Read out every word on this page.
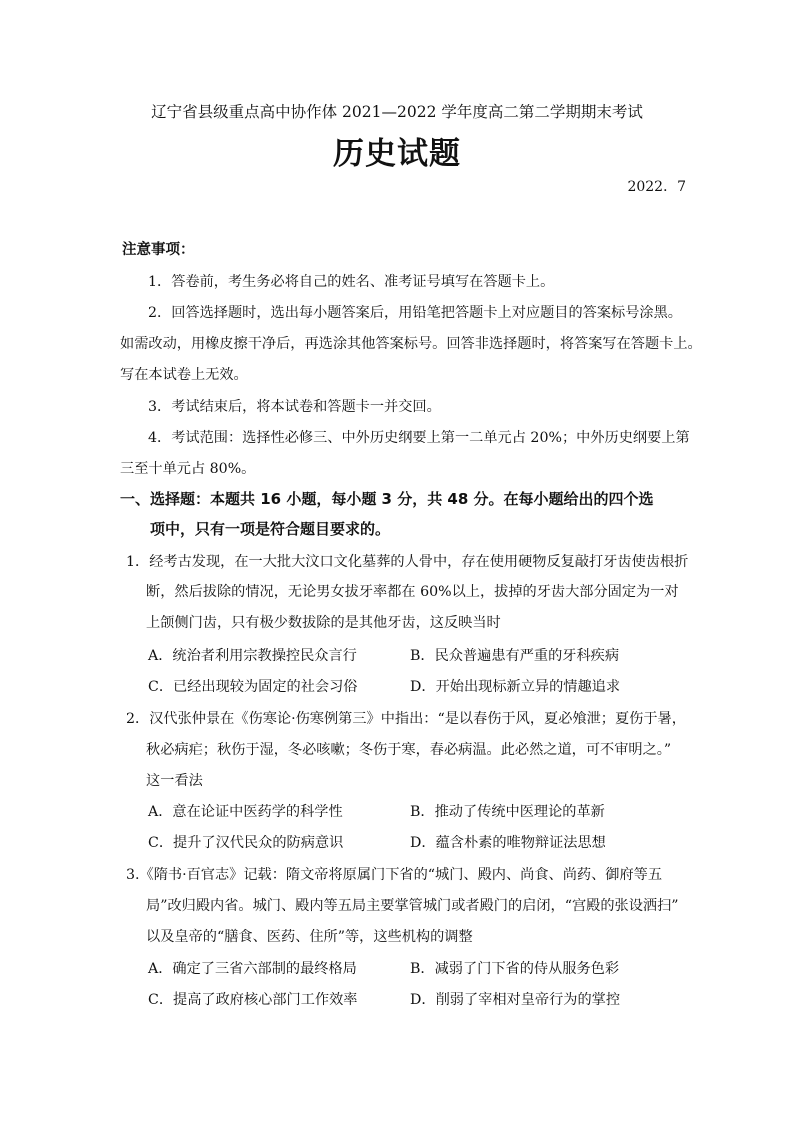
辽宁省县级重点高中协作体 2021—2022 学年度高二第二学期期末考试
历史试题
2022．7
注意事项：
1．答卷前，考生务必将自己的姓名、准考证号填写在答题卡上。
2．回答选择题时，选出每小题答案后，用铅笔把答题卡上对应题目的答案标号涂黑。
如需改动，用橡皮擦干净后，再选涂其他答案标号。回答非选择题时，将答案写在答题卡上。
写在本试卷上无效。
3．考试结束后，将本试卷和答题卡一并交回。
4．考试范围：选择性必修三、中外历史纲要上第一二单元占 20%；中外历史纲要上第
三至十单元占 80%。
一、选择题：本题共 16 小题，每小题 3 分，共 48 分。在每小题给出的四个选
项中，只有一项是符合题目要求的。
1．经考古发现，在一大批大汶口文化墓葬的人骨中，存在使用硬物反复敲打牙齿使齿根折
断，然后拔除的情况，无论男女拔牙率都在 60%以上，拔掉的牙齿大部分固定为一对
上颌侧门齿，只有极少数拔除的是其他牙齿，这反映当时
A．统治者利用宗教操控民众言行	B．民众普遍患有严重的牙科疾病
C．已经出现较为固定的社会习俗	D．开始出现标新立异的情趣追求
2．汉代张仲景在《伤寒论·伤寒例第三》中指出：“是以春伤于风，夏必飧泄；夏伤于暑，
秋必病疟；秋伤于湿，冬必咳嗽；冬伤于寒，春必病温。此必然之道，可不审明之。”
这一看法
A．意在论证中医药学的科学性	B．推动了传统中医理论的革新
C．提升了汉代民众的防病意识	D．蕴含朴素的唯物辩证法思想
3.《隋书·百官志》记载：隋文帝将原属门下省的“城门、殿内、尚食、尚药、御府等五
局”改归殿内省。城门、殿内等五局主要掌管城门或者殿门的启闭，“宫殿的张设洒扫”
以及皇帝的“膳食、医药、住所”等，这些机构的调整
A．确定了三省六部制的最终格局	B．减弱了门下省的侍从服务色彩
C．提高了政府核心部门工作效率	D．削弱了宰相对皇帝行为的掌控
